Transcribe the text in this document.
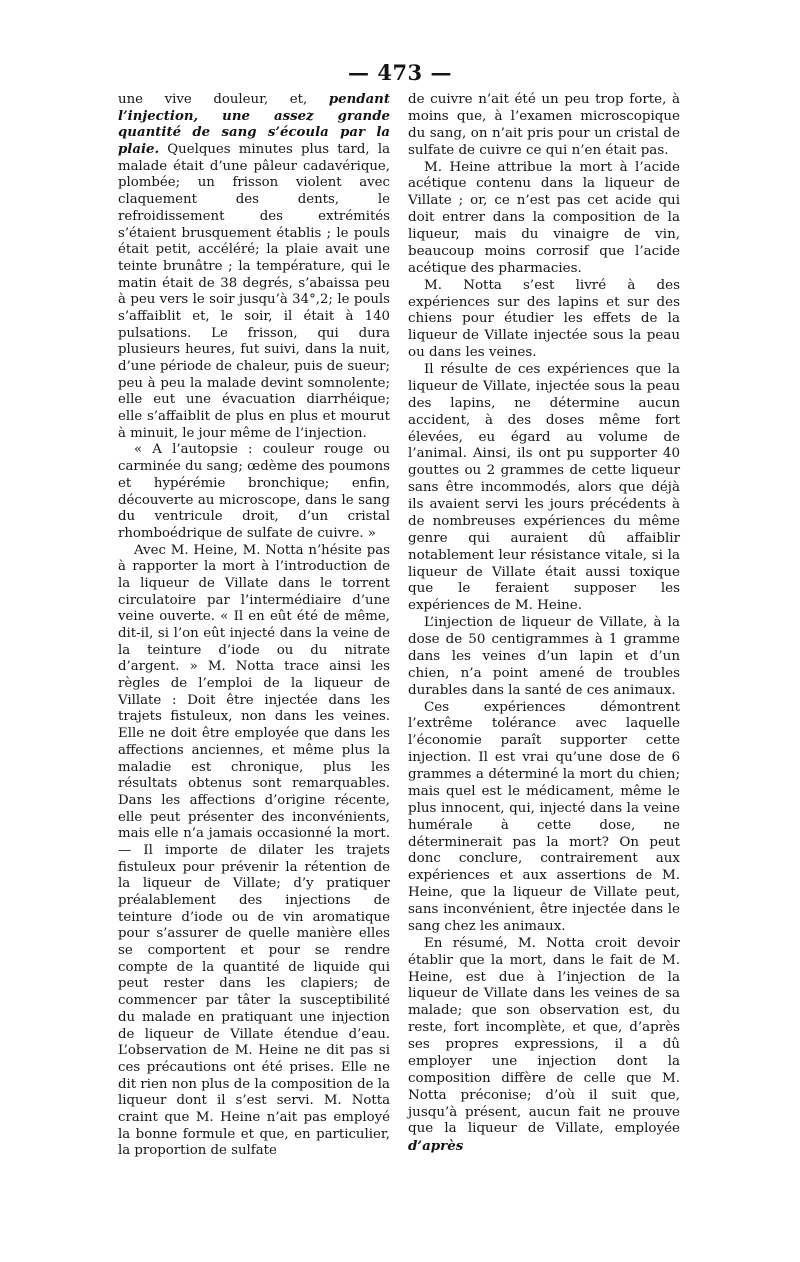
— 473 —

une vive douleur, et, pendant l’injection, une assez grande quantité de sang s’écoula par la plaie. Quelques minutes plus tard, la malade était d’une pâleur cadavérique, plombée; un frisson violent avec claquement des dents, le refroidissement des extrémités s’étaient brusquement établis ; le pouls était petit, accéléré; la plaie avait une teinte brunâtre ; la température, qui le matin était de 38 degrés, s’abaissa peu à peu vers le soir jusqu’à 34°,2; le pouls s’affaiblit et, le soir, il était à 140 pulsations. Le frisson, qui dura plusieurs heures, fut suivi, dans la nuit, d’une période de chaleur, puis de sueur; peu à peu la malade devint somnolente; elle eut une évacuation diarrhéique; elle s’affaiblit de plus en plus et mourut à minuit, le jour même de l’injection.

« A l’autopsie : couleur rouge ou carminée du sang; œdème des poumons et hypérémie bronchique; enfin, découverte au microscope, dans le sang du ventricule droit, d’un cristal rhomboédrique de sulfate de cuivre. »

Avec M. Heine, M. Notta n’hésite pas à rapporter la mort à l’introduction de la liqueur de Villate dans le torrent circulatoire par l’intermédiaire d’une veine ouverte. « Il en eût été de même, dit-il, si l’on eût injecté dans la veine de la teinture d’iode ou du nitrate d’argent. » M. Notta trace ainsi les règles de l’emploi de la liqueur de Villate : Doit être injectée dans les trajets fistuleux, non dans les veines. Elle ne doit être employée que dans les affections anciennes, et même plus la maladie est chronique, plus les résultats obtenus sont remarquables. Dans les affections d’origine récente, elle peut présenter des inconvénients, mais elle n’a jamais occasionné la mort. — Il importe de dilater les trajets fistuleux pour prévenir la rétention de la liqueur de Villate; d’y pratiquer préalablement des injections de teinture d’iode ou de vin aromatique pour s’assurer de quelle manière elles se comportent et pour se rendre compte de la quantité de liquide qui peut rester dans les clapiers; de commencer par tâter la susceptibilité du malade en pratiquant une injection de liqueur de Villate étendue d’eau. L’observation de M. Heine ne dit pas si ces précautions ont été prises. Elle ne dit rien non plus de la composition de la liqueur dont il s’est servi. M. Notta craint que M. Heine n’ait pas employé la bonne formule et que, en particulier, la proportion de sulfate

de cuivre n’ait été un peu trop forte, à moins que, à l’examen microscopique du sang, on n’ait pris pour un cristal de sulfate de cuivre ce qui n’en était pas.

M. Heine attribue la mort à l’acide acétique contenu dans la liqueur de Villate ; or, ce n’est pas cet acide qui doit entrer dans la composition de la liqueur, mais du vinaigre de vin, beaucoup moins corrosif que l’acide acétique des pharmacies.

M. Notta s’est livré à des expériences sur des lapins et sur des chiens pour étudier les effets de la liqueur de Villate injectée sous la peau ou dans les veines.

Il résulte de ces expériences que la liqueur de Villate, injectée sous la peau des lapins, ne détermine aucun accident, à des doses même fort élevées, eu égard au volume de l’animal. Ainsi, ils ont pu supporter 40 gouttes ou 2 grammes de cette liqueur sans être incommodés, alors que déjà ils avaient servi les jours précédents à de nombreuses expériences du même genre qui auraient dû affaiblir notablement leur résistance vitale, si la liqueur de Villate était aussi toxique que le feraient supposer les expériences de M. Heine.

L’injection de liqueur de Villate, à la dose de 50 centigrammes à 1 gramme dans les veines d’un lapin et d’un chien, n’a point amené de troubles durables dans la santé de ces animaux.

Ces expériences démontrent l’extrême tolérance avec laquelle l’économie paraît supporter cette injection. Il est vrai qu’une dose de 6 grammes a déterminé la mort du chien; mais quel est le médicament, même le plus innocent, qui, injecté dans la veine humérale à cette dose, ne déterminerait pas la mort? On peut donc conclure, contrairement aux expériences et aux assertions de M. Heine, que la liqueur de Villate peut, sans inconvénient, être injectée dans le sang chez les animaux.

En résumé, M. Notta croit devoir établir que la mort, dans le fait de M. Heine, est due à l’injection de la liqueur de Villate dans les veines de sa malade; que son observation est, du reste, fort incomplète, et que, d’après ses propres expressions, il a dû employer une injection dont la composition diffère de celle que M. Notta préconise; d’où il suit que, jusqu’à présent, aucun fait ne prouve que la liqueur de Villate, employée d’après
